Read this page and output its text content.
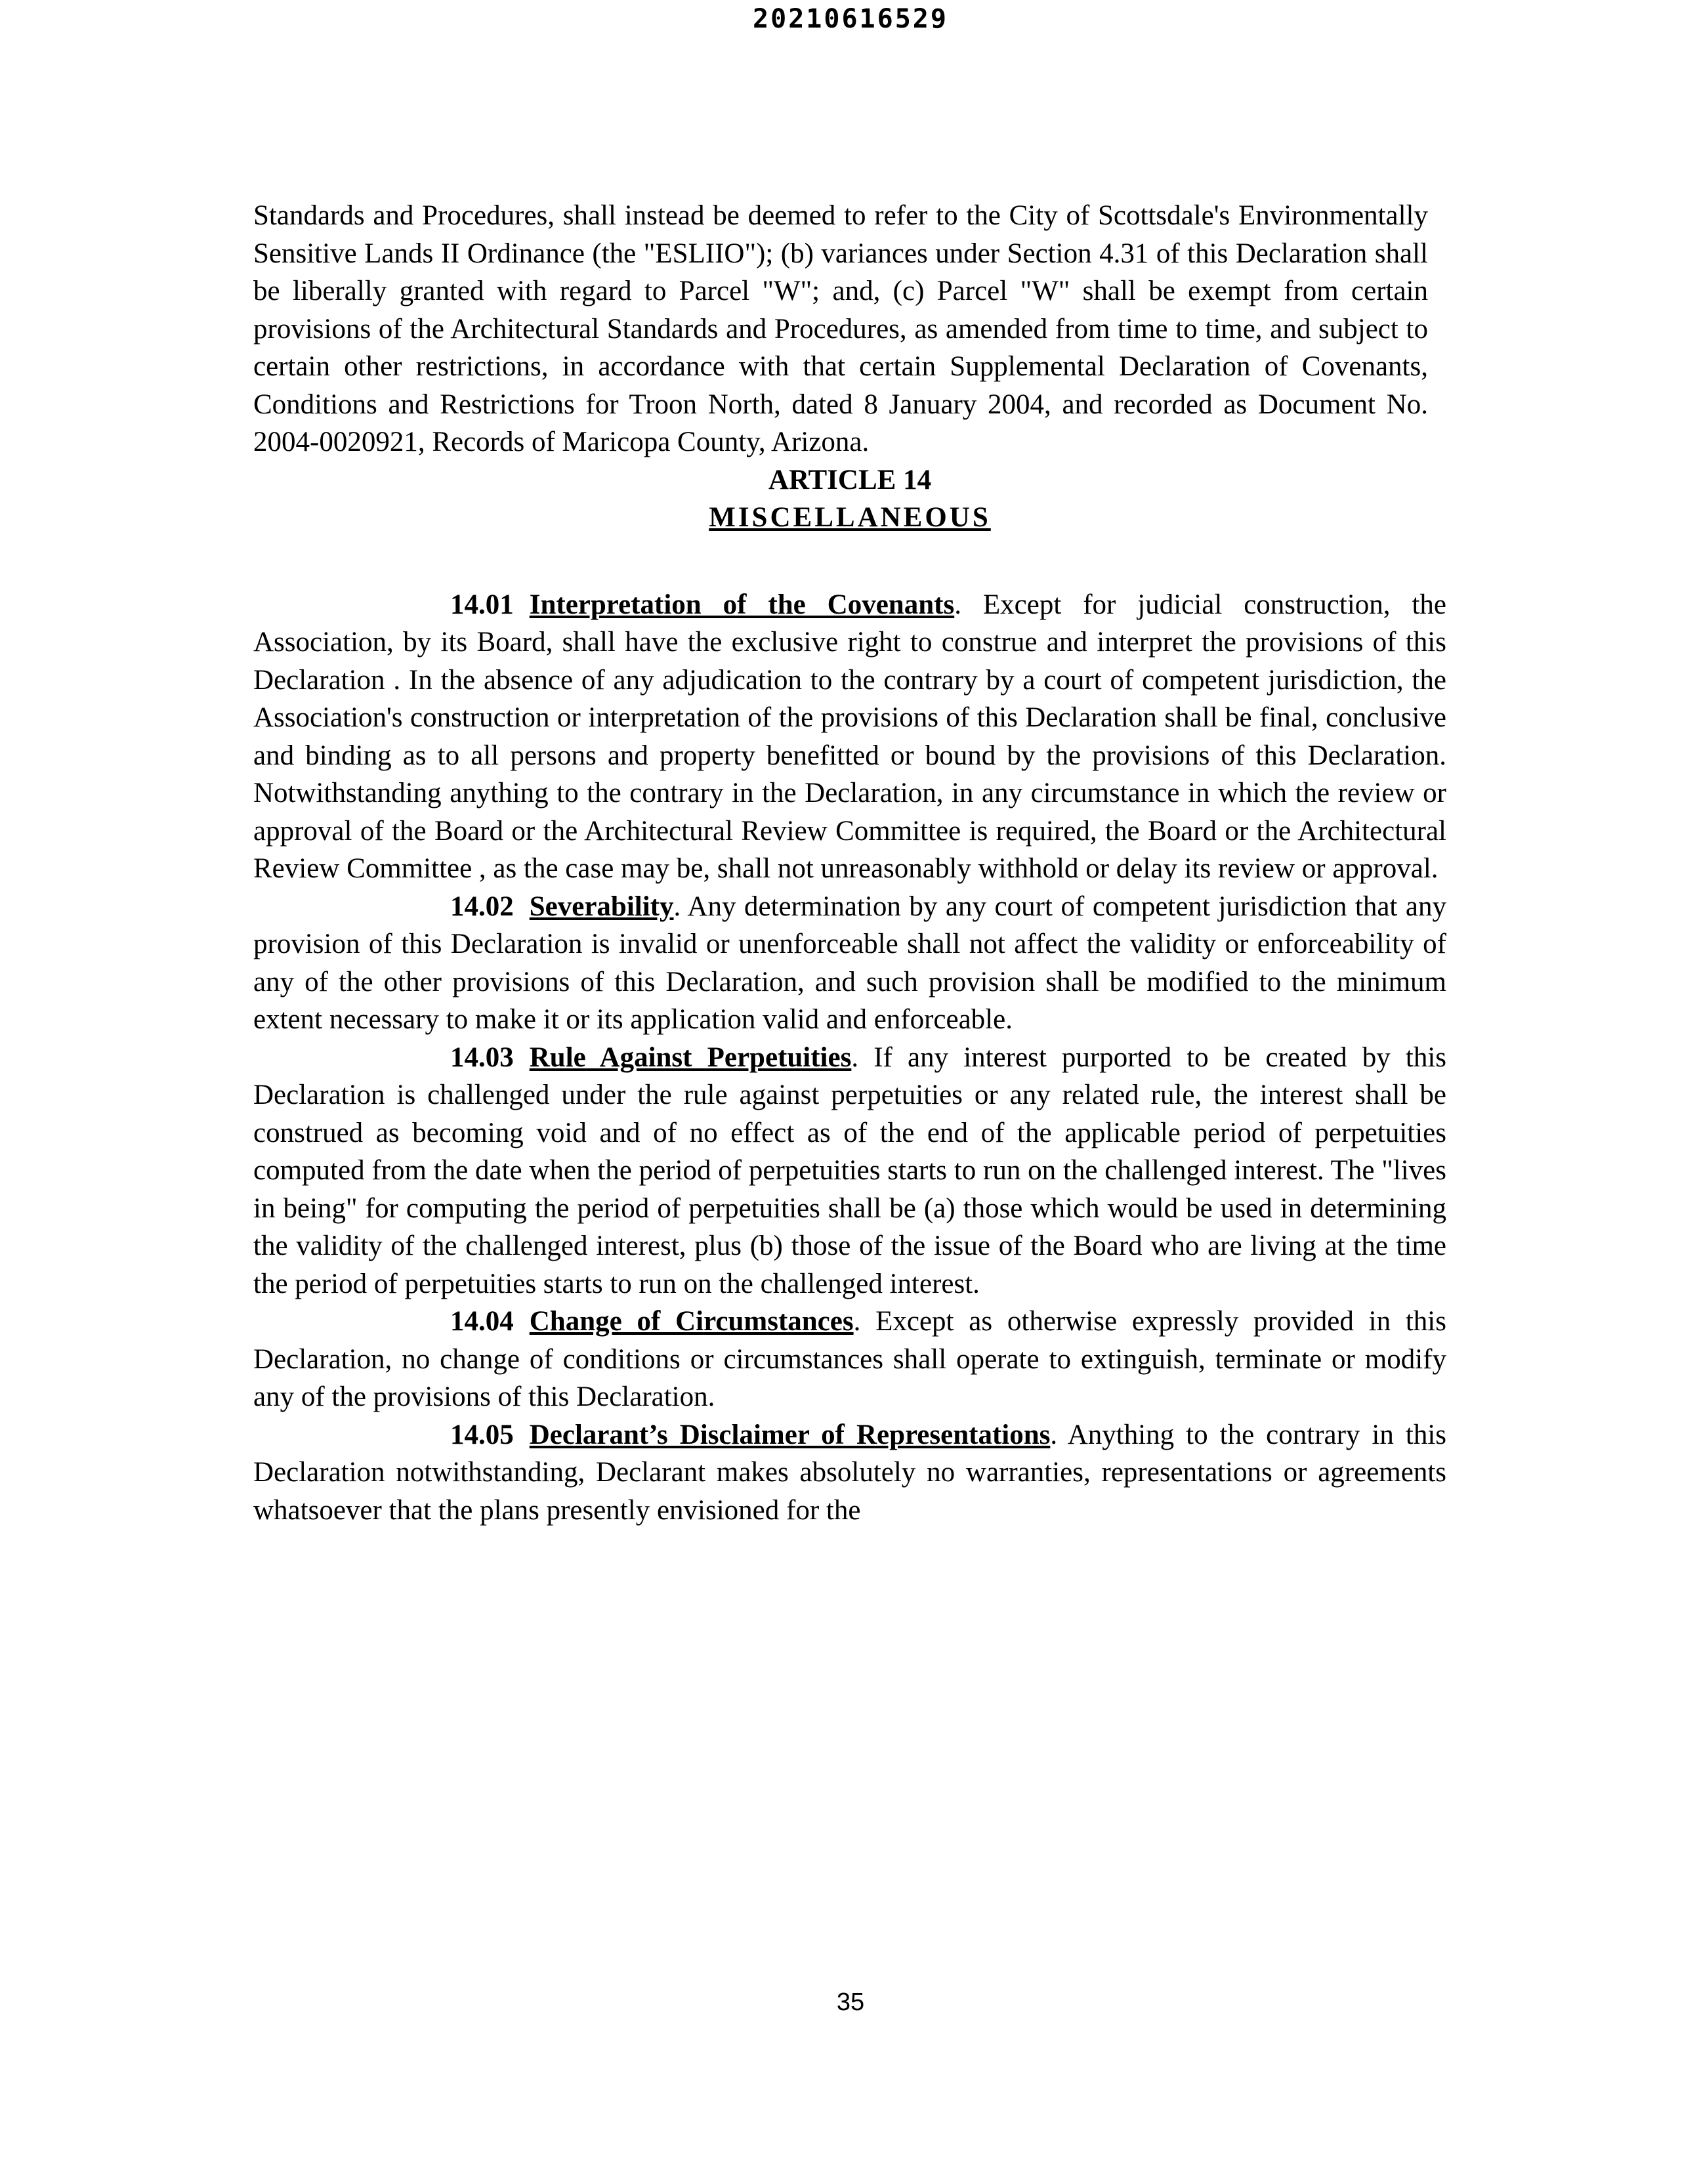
20210616529

Standards and Procedures, shall instead be deemed to refer to the City of Scottsdale's Environmentally Sensitive Lands II Ordinance (the "ESLIIO"); (b) variances under Section 4.31 of this Declaration shall be liberally granted with regard to Parcel "W"; and, (c) Parcel "W" shall be exempt from certain provisions of the Architectural Standards and Procedures, as amended from time to time, and subject to certain other restrictions, in accordance with that certain Supplemental Declaration of Covenants, Conditions and Restrictions for Troon North, dated 8 January 2004, and recorded as Document No. 2004-0020921, Records of Maricopa County, Arizona.

ARTICLE 14

MISCELLANEOUS

14.01 Interpretation of the Covenants. Except for judicial construction, the Association, by its Board, shall have the exclusive right to construe and interpret the provisions of this Declaration . In the absence of any adjudication to the contrary by a court of competent jurisdiction, the Association's construction or interpretation of the provisions of this Declaration shall be final, conclusive and binding as to all persons and property benefitted or bound by the provisions of this Declaration. Notwithstanding anything to the contrary in the Declaration, in any circumstance in which the review or approval of the Board or the Architectural Review Committee is required, the Board or the Architectural Review Committee , as the case may be, shall not unreasonably withhold or delay its review or approval.

14.02 Severability. Any determination by any court of competent jurisdiction that any provision of this Declaration is invalid or unenforceable shall not affect the validity or enforceability of any of the other provisions of this Declaration, and such provision shall be modified to the minimum extent necessary to make it or its application valid and enforceable.

14.03 Rule Against Perpetuities. If any interest purported to be created by this Declaration is challenged under the rule against perpetuities or any related rule, the interest shall be construed as becoming void and of no effect as of the end of the applicable period of perpetuities computed from the date when the period of perpetuities starts to run on the challenged interest. The "lives in being" for computing the period of perpetuities shall be (a) those which would be used in determining the validity of the challenged interest, plus (b) those of the issue of the Board who are living at the time the period of perpetuities starts to run on the challenged interest.

14.04 Change of Circumstances. Except as otherwise expressly provided in this Declaration, no change of conditions or circumstances shall operate to extinguish, terminate or modify any of the provisions of this Declaration.

14.05 Declarant’s Disclaimer of Representations. Anything to the contrary in this Declaration notwithstanding, Declarant makes absolutely no warranties, representations or agreements whatsoever that the plans presently envisioned for the

35
